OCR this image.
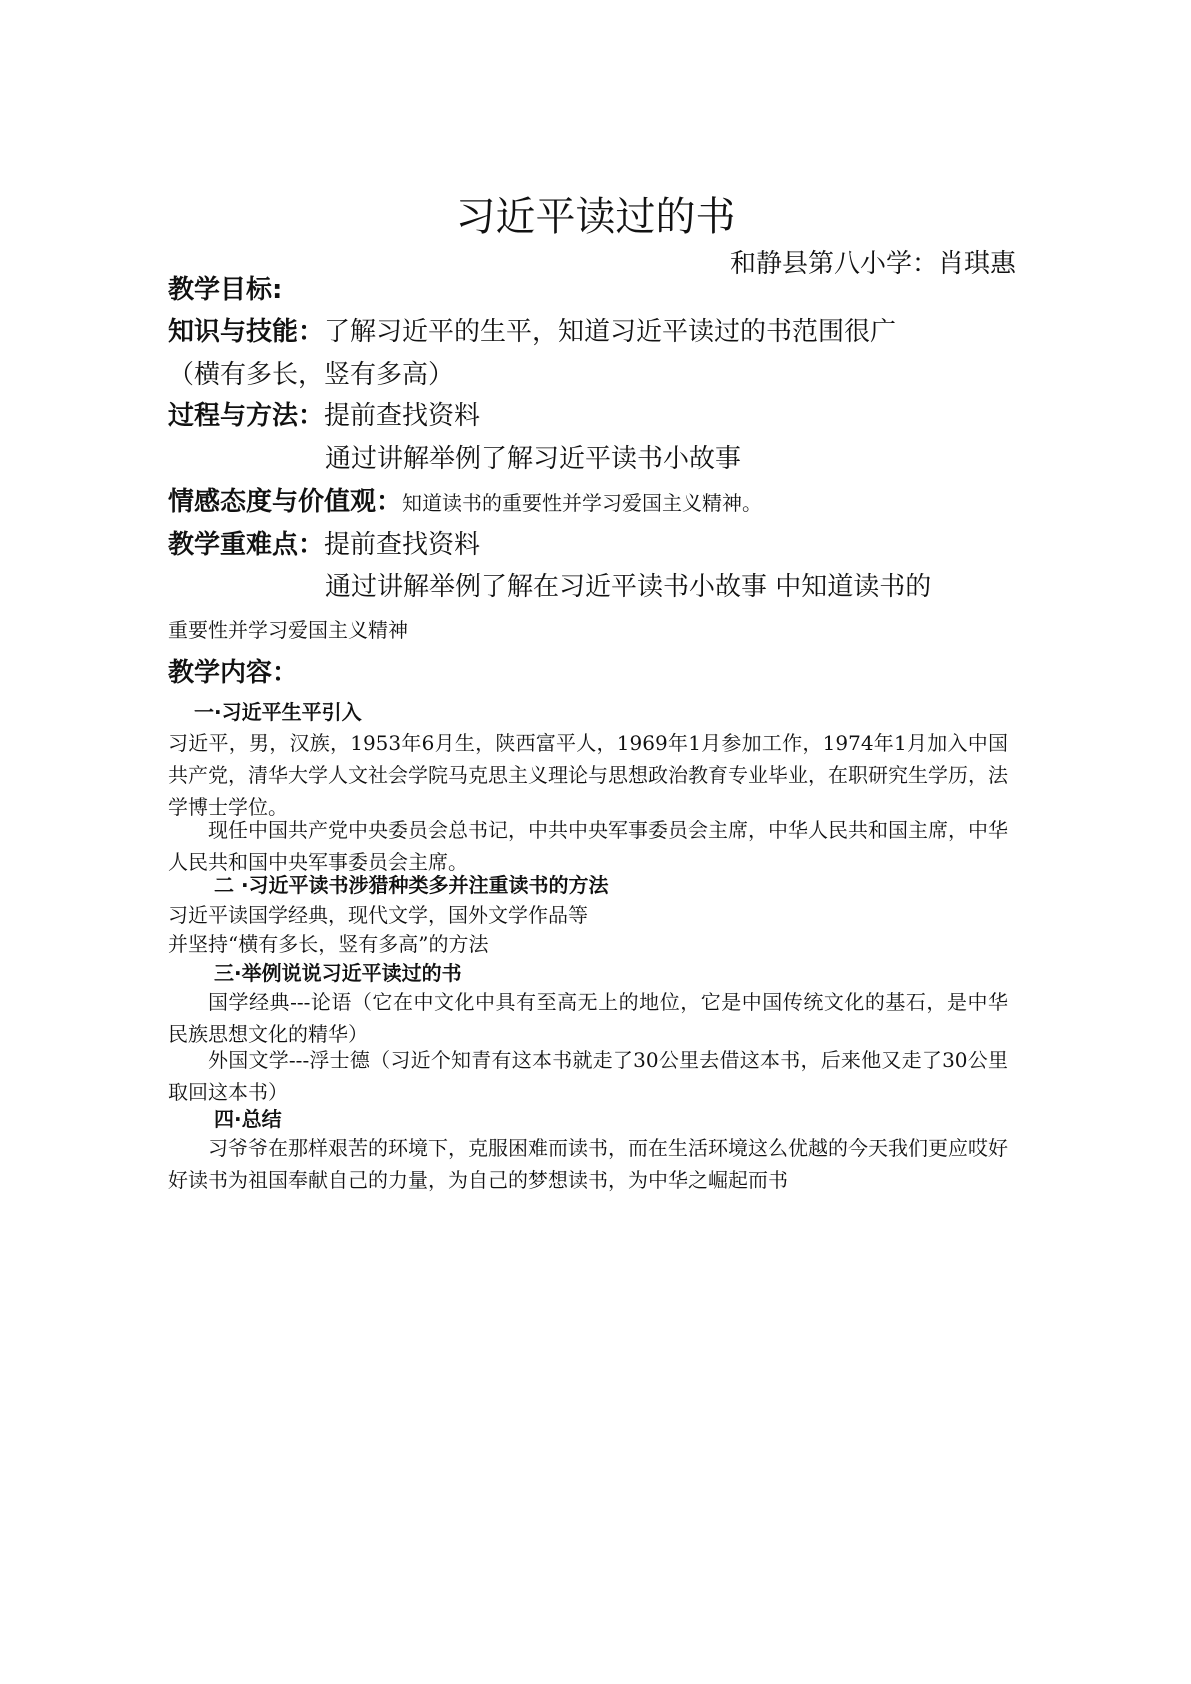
习近平读过的书
和静县第八小学：肖琪惠
教学目标:
知识与技能：了解习近平的生平，知道习近平读过的书范围很广
（横有多长，竖有多高）
过程与方法：提前查找资料
通过讲解举例了解习近平读书小故事
情感态度与价值观：知道读书的重要性并学习爱国主义精神。
教学重难点：提前查找资料
通过讲解举例了解在习近平读书小故事 中知道读书的
重要性并学习爱国主义精神
教学内容：
一·习近平生平引入
习近平，男，汉族，1953年6月生，陕西富平人，1969年1月参加工作，1974年1月加入中国共产党，清华大学人文社会学院马克思主义理论与思想政治教育专业毕业，在职研究生学历，法学博士学位。
现任中国共产党中央委员会总书记，中共中央军事委员会主席，中华人民共和国主席，中华人民共和国中央军事委员会主席。
二 ·习近平读书涉猎种类多并注重读书的方法
习近平读国学经典，现代文学，国外文学作品等
并坚持“横有多长，竖有多高”的方法
三·举例说说习近平读过的书
国学经典---论语（它在中文化中具有至高无上的地位，它是中国传统文化的基石，是中华民族思想文化的精华）
外国文学---浮士德（习近个知青有这本书就走了30公里去借这本书，后来他又走了30公里取回这本书）
四·总结
习爷爷在那样艰苦的环境下，克服困难而读书，而在生活环境这么优越的今天我们更应哎好好读书为祖国奉献自己的力量，为自己的梦想读书，为中华之崛起而书
